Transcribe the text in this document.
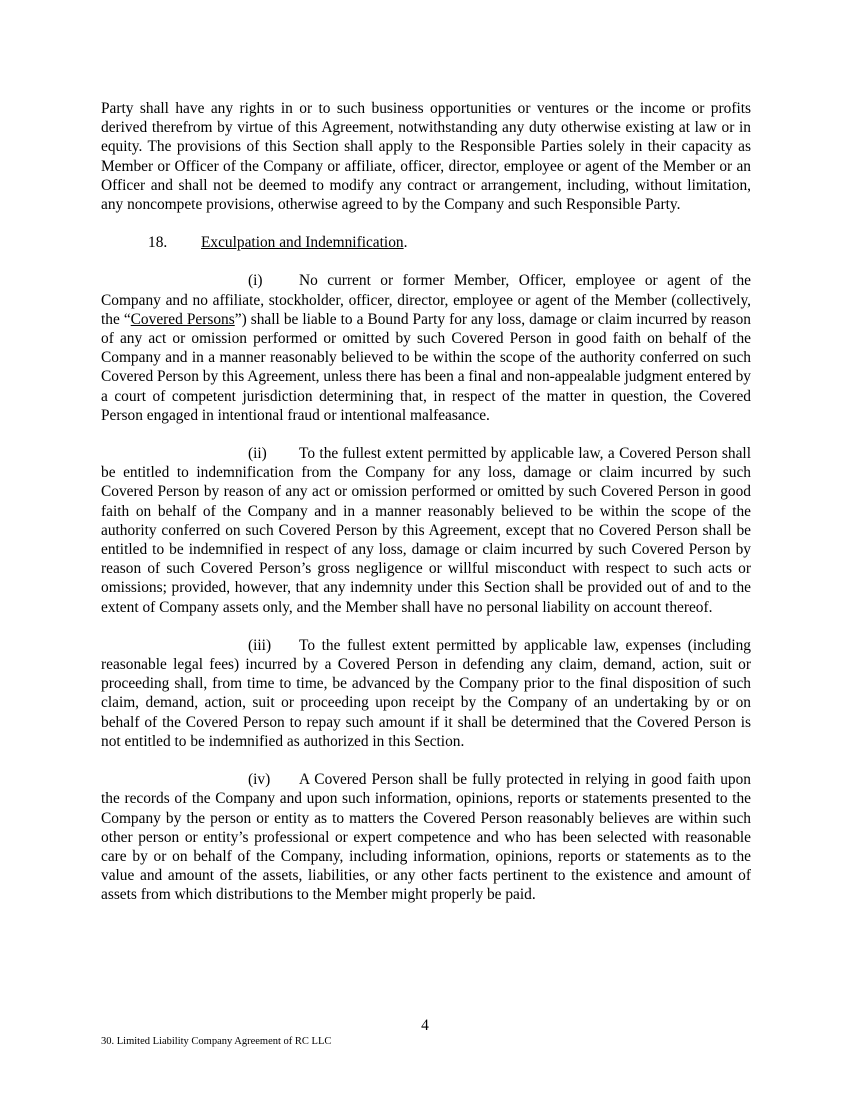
Party shall have any rights in or to such business opportunities or ventures or the income or profits derived therefrom by virtue of this Agreement, notwithstanding any duty otherwise existing at law or in equity. The provisions of this Section shall apply to the Responsible Parties solely in their capacity as Member or Officer of the Company or affiliate, officer, director, employee or agent of the Member or an Officer and shall not be deemed to modify any contract or arrangement, including, without limitation, any noncompete provisions, otherwise agreed to by the Company and such Responsible Party.

18. Exculpation and Indemnification.

(i) No current or former Member, Officer, employee or agent of the Company and no affiliate, stockholder, officer, director, employee or agent of the Member (collectively, the “Covered Persons”) shall be liable to a Bound Party for any loss, damage or claim incurred by reason of any act or omission performed or omitted by such Covered Person in good faith on behalf of the Company and in a manner reasonably believed to be within the scope of the authority conferred on such Covered Person by this Agreement, unless there has been a final and non-appealable judgment entered by a court of competent jurisdiction determining that, in respect of the matter in question, the Covered Person engaged in intentional fraud or intentional malfeasance.

(ii) To the fullest extent permitted by applicable law, a Covered Person shall be entitled to indemnification from the Company for any loss, damage or claim incurred by such Covered Person by reason of any act or omission performed or omitted by such Covered Person in good faith on behalf of the Company and in a manner reasonably believed to be within the scope of the authority conferred on such Covered Person by this Agreement, except that no Covered Person shall be entitled to be indemnified in respect of any loss, damage or claim incurred by such Covered Person by reason of such Covered Person’s gross negligence or willful misconduct with respect to such acts or omissions; provided, however, that any indemnity under this Section shall be provided out of and to the extent of Company assets only, and the Member shall have no personal liability on account thereof.

(iii) To the fullest extent permitted by applicable law, expenses (including reasonable legal fees) incurred by a Covered Person in defending any claim, demand, action, suit or proceeding shall, from time to time, be advanced by the Company prior to the final disposition of such claim, demand, action, suit or proceeding upon receipt by the Company of an undertaking by or on behalf of the Covered Person to repay such amount if it shall be determined that the Covered Person is not entitled to be indemnified as authorized in this Section.

(iv) A Covered Person shall be fully protected in relying in good faith upon the records of the Company and upon such information, opinions, reports or statements presented to the Company by the person or entity as to matters the Covered Person reasonably believes are within such other person or entity’s professional or expert competence and who has been selected with reasonable care by or on behalf of the Company, including information, opinions, reports or statements as to the value and amount of the assets, liabilities, or any other facts pertinent to the existence and amount of assets from which distributions to the Member might properly be paid.

4
30. Limited Liability Company Agreement of RC LLC
